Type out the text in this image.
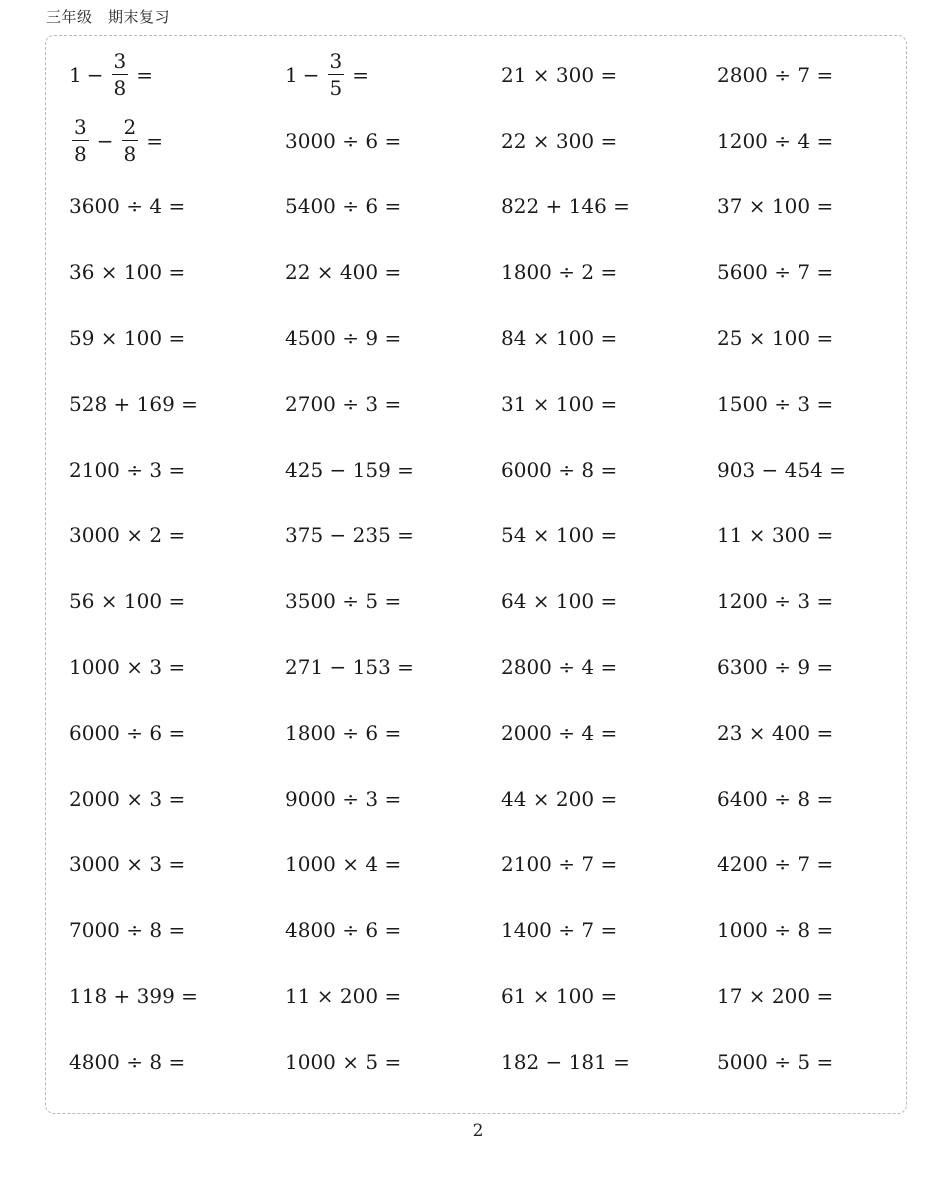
三年级　期末复习
$1 - \frac{3}{8}$ =	$1 - \frac{3}{5}$ =	21 × 300 =	2800 ÷ 7 =
$\frac{3}{8} - \frac{2}{8}$ =	3000 ÷ 6 =	22 × 300 =	1200 ÷ 4 =
3600 ÷ 4 =	5400 ÷ 6 =	822 + 146 =	37 × 100 =
36 × 100 =	22 × 400 =	1800 ÷ 2 =	5600 ÷ 7 =
59 × 100 =	4500 ÷ 9 =	84 × 100 =	25 × 100 =
528 + 169 =	2700 ÷ 3 =	31 × 100 =	1500 ÷ 3 =
2100 ÷ 3 =	425 − 159 =	6000 ÷ 8 =	903 − 454 =
3000 × 2 =	375 − 235 =	54 × 100 =	11 × 300 =
56 × 100 =	3500 ÷ 5 =	64 × 100 =	1200 ÷ 3 =
1000 × 3 =	271 − 153 =	2800 ÷ 4 =	6300 ÷ 9 =
6000 ÷ 6 =	1800 ÷ 6 =	2000 ÷ 4 =	23 × 400 =
2000 × 3 =	9000 ÷ 3 =	44 × 200 =	6400 ÷ 8 =
3000 × 3 =	1000 × 4 =	2100 ÷ 7 =	4200 ÷ 7 =
7000 ÷ 8 =	4800 ÷ 6 =	1400 ÷ 7 =	1000 ÷ 8 =
118 + 399 =	11 × 200 =	61 × 100 =	17 × 200 =
4800 ÷ 8 =	1000 × 5 =	182 − 181 =	5000 ÷ 5 =
2
